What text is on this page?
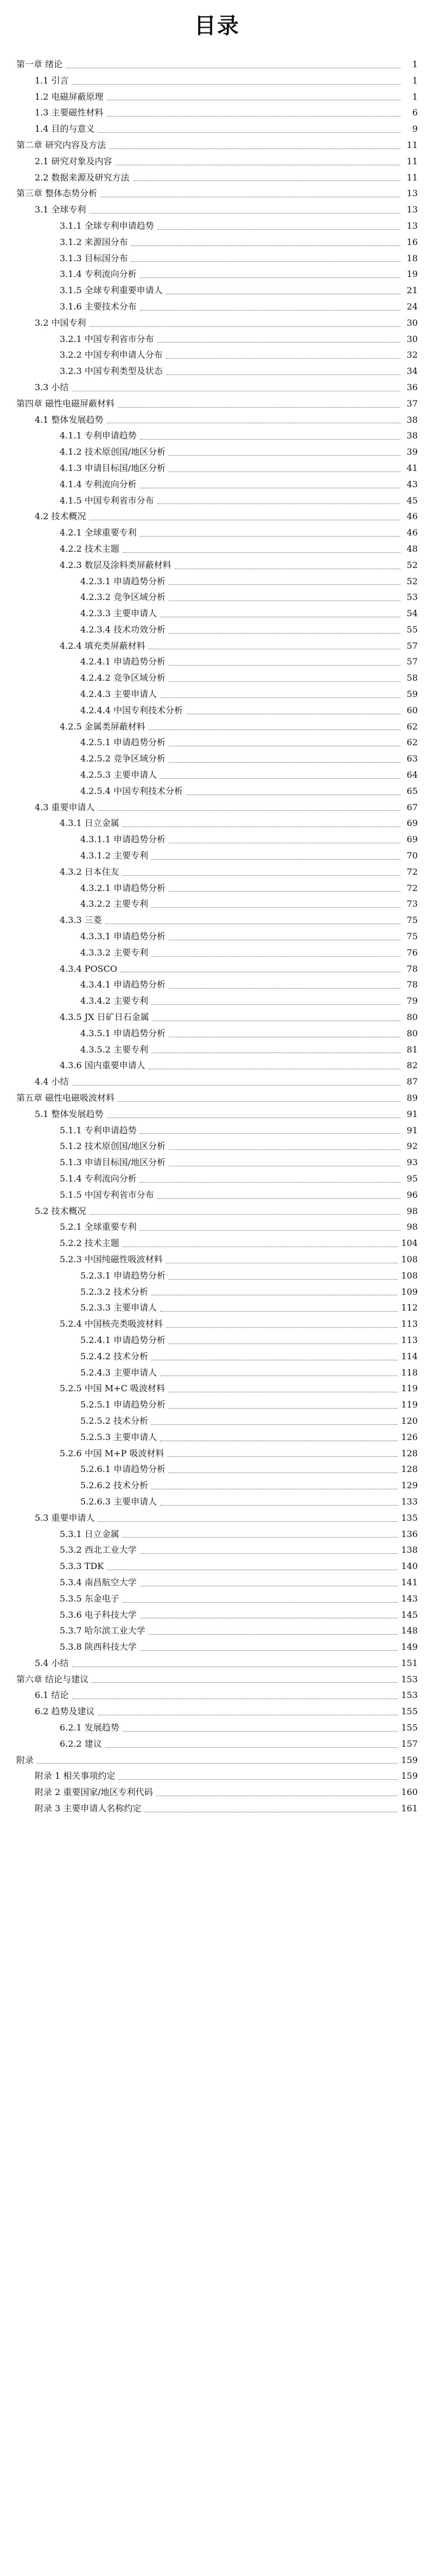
目录
第一章 绪论	1
1.1 引言	1
1.2 电磁屏蔽原理	1
1.3 主要磁性材料	6
1.4 目的与意义	9
第二章 研究内容及方法	11
2.1 研究对象及内容	11
2.2 数据来源及研究方法	11
第三章 整体态势分析	13
3.1 全球专利	13
3.1.1 全球专利申请趋势	13
3.1.2 来源国分布	16
3.1.3 目标国分布	18
3.1.4 专利流向分析	19
3.1.5 全球专利重要申请人	21
3.1.6 主要技术分布	24
3.2 中国专利	30
3.2.1 中国专利省市分布	30
3.2.2 中国专利申请人分布	32
3.2.3 中国专利类型及状态	34
3.3 小结	36
第四章 磁性电磁屏蔽材料	37
4.1 整体发展趋势	38
4.1.1 专利申请趋势	38
4.1.2 技术原创国/地区分析	39
4.1.3 申请目标国/地区分析	41
4.1.4 专利流向分析	43
4.1.5 中国专利省市分布	45
4.2 技术概况	46
4.2.1 全球重要专利	46
4.2.2 技术主题	48
4.2.3 数层及涂料类屏蔽材料	52
4.2.3.1 申请趋势分析	52
4.2.3.2 竞争区域分析	53
4.2.3.3 主要申请人	54
4.2.3.4 技术功效分析	55
4.2.4 填充类屏蔽材料	57
4.2.4.1 申请趋势分析	57
4.2.4.2 竞争区域分析	58
4.2.4.3 主要申请人	59
4.2.4.4 中国专利技术分析	60
4.2.5 金属类屏蔽材料	62
4.2.5.1 申请趋势分析	62
4.2.5.2 竞争区域分析	63
4.2.5.3 主要申请人	64
4.2.5.4 中国专利技术分析	65
4.3 重要申请人	67
4.3.1 日立金属	69
4.3.1.1 申请趋势分析	69
4.3.1.2 主要专利	70
4.3.2 日本住友	72
4.3.2.1 申请趋势分析	72
4.3.2.2 主要专利	73
4.3.3 三菱	75
4.3.3.1 申请趋势分析	75
4.3.3.2 主要专利	76
4.3.4 POSCO	78
4.3.4.1 申请趋势分析	78
4.3.4.2 主要专利	79
4.3.5 JX 日矿日石金属	80
4.3.5.1 申请趋势分析	80
4.3.5.2 主要专利	81
4.3.6 国内重要申请人	82
4.4 小结	87
第五章 磁性电磁吸波材料	89
5.1 整体发展趋势	91
5.1.1 专利申请趋势	91
5.1.2 技术原创国/地区分析	92
5.1.3 申请目标国/地区分析	93
5.1.4 专利流向分析	95
5.1.5 中国专利省市分布	96
5.2 技术概况	98
5.2.1 全球重要专利	98
5.2.2 技术主题	104
5.2.3 中国纯磁性吸波材料	108
5.2.3.1 申请趋势分析	108
5.2.3.2 技术分析	109
5.2.3.3 主要申请人	112
5.2.4 中国核壳类吸波材料	113
5.2.4.1 申请趋势分析	113
5.2.4.2 技术分析	114
5.2.4.3 主要申请人	118
5.2.5 中国 M+C 吸波材料	119
5.2.5.1 申请趋势分析	119
5.2.5.2 技术分析	120
5.2.5.3 主要申请人	126
5.2.6 中国 M+P 吸波材料	128
5.2.6.1 申请趋势分析	128
5.2.6.2 技术分析	129
5.2.6.3 主要申请人	133
5.3 重要申请人	135
5.3.1 日立金属	136
5.3.2 西北工业大学	138
5.3.3 TDK	140
5.3.4 南昌航空大学	141
5.3.5 东金电子	143
5.3.6 电子科技大学	145
5.3.7 哈尔滨工业大学	148
5.3.8 陕西科技大学	149
5.4 小结	151
第六章 结论与建议	153
6.1 结论	153
6.2 趋势及建议	155
6.2.1 发展趋势	155
6.2.2 建议	157
附录	159
附录 1 相关事项约定	159
附录 2 重要国家/地区专利代码	160
附录 3 主要申请人名称约定	161
